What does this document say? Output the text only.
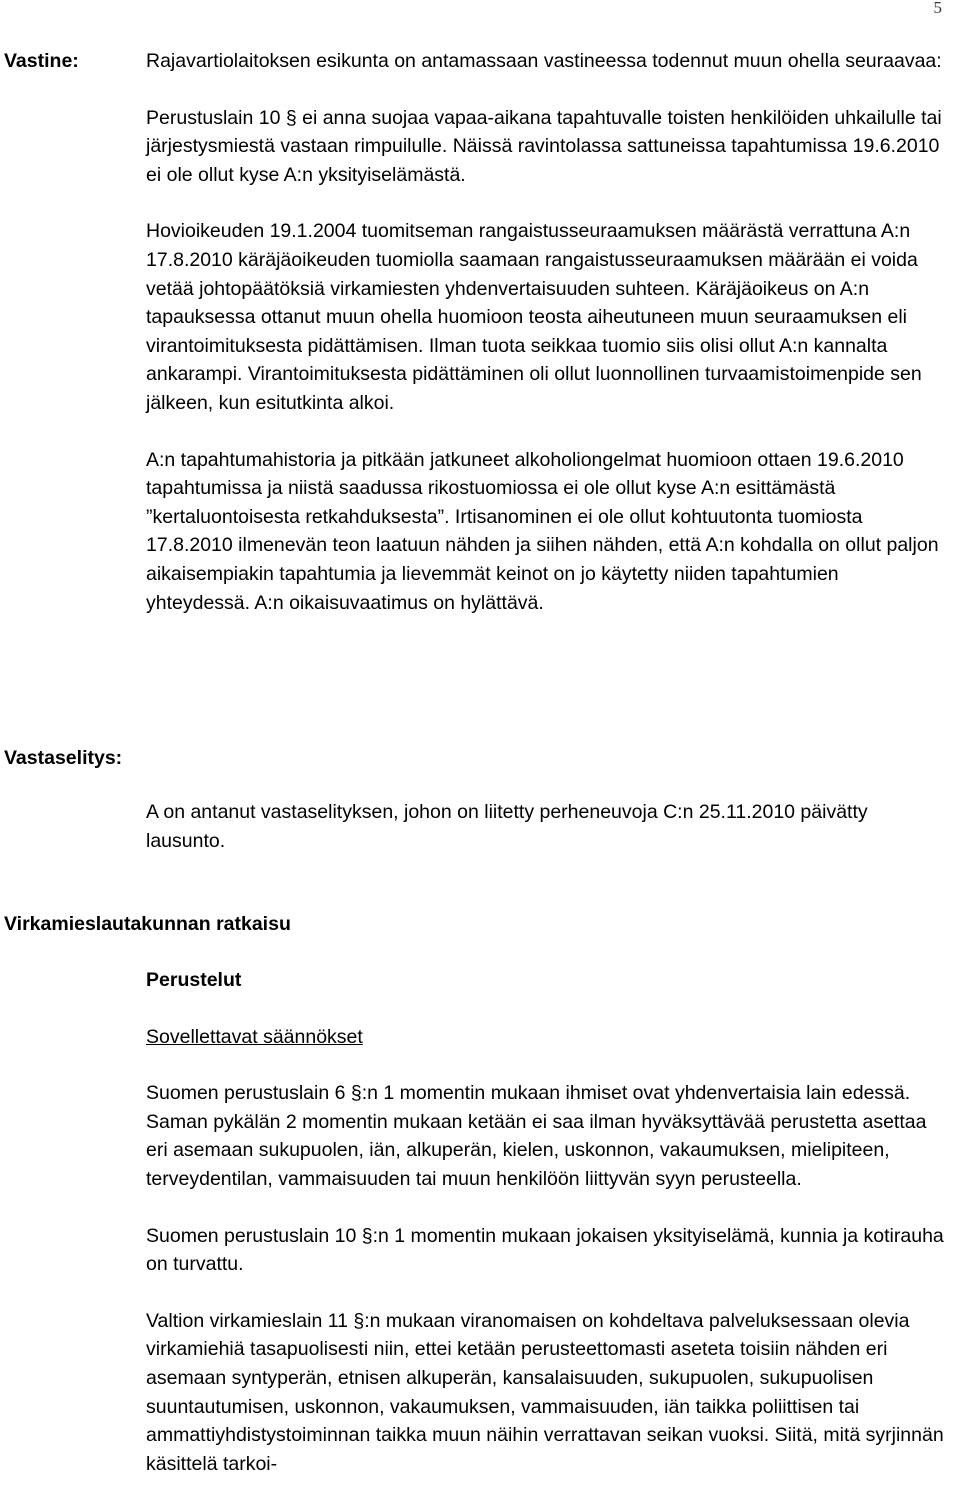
5
Vastine:	Rajavartiolaitoksen esikunta on antamassaan vastineessa todennut muun ohella seuraavaa:

Perustuslain 10 § ei anna suojaa vapaa-aikana tapahtuvalle toisten henkilöiden uhkailulle tai järjestysmiestä vastaan rimpuilulle. Näissä ravintolassa sattuneissa tapahtumissa 19.6.2010 ei ole ollut kyse A:n yksityiselämästä.

Hovioikeuden 19.1.2004 tuomitseman rangaistusseuraamuksen määrästä verrattuna A:n 17.8.2010 käräjäoikeuden tuomiolla saamaan rangaistusseuraamuksen määrään ei voida vetää johtopäätöksiä virkamiesten yhdenvertaisuuden suhteen. Käräjäoikeus on A:n tapauksessa ottanut muun ohella huomioon teosta aiheutuneen muun seuraamuksen eli virantoimituksesta pidättämisen. Ilman tuota seikkaa tuomio siis olisi ollut A:n kannalta ankarampi. Virantoimituksesta pidättäminen oli ollut luonnollinen turvaamistoimenpide sen jälkeen, kun esitutkinta alkoi.

A:n tapahtumahistoria ja pitkään jatkuneet alkoholiongelmat huomioon ottaen 19.6.2010 tapahtumissa ja niistä saadussa rikostuomiossa ei ole ollut kyse A:n esittämästä ”kertaluontoisesta retkahduksesta”. Irtisanominen ei ole ollut kohtuutonta tuomiosta 17.8.2010 ilmenevän teon laatuun nähden ja siihen nähden, että A:n kohdalla on ollut paljon aikaisempiakin tapahtumia ja lievemmät keinot on jo käytetty niiden tapahtumien yhteydessä. A:n oikaisuvaatimus on hylättävä.

Vastaselitys:

A on antanut vastaselityksen, johon on liitetty perheneuvoja C:n 25.11.2010 päivätty lausunto.

Virkamieslautakunnan ratkaisu

Perustelut

Sovellettavat säännökset

Suomen perustuslain 6 §:n 1 momentin mukaan ihmiset ovat yhdenvertaisia lain edessä. Saman pykälän 2 momentin mukaan ketään ei saa ilman hyväksyttävää perustetta asettaa eri asemaan sukupuolen, iän, alkuperän, kielen, uskonnon, vakaumuksen, mielipiteen, terveydentilan, vammaisuuden tai muun henkilöön liittyvän syyn perusteella.

Suomen perustuslain 10 §:n 1 momentin mukaan jokaisen yksityiselämä, kunnia ja kotirauha on turvattu.

Valtion virkamieslain 11 §:n mukaan viranomaisen on kohdeltava palveluksessaan olevia virkamiehiä tasapuolisesti niin, ettei ketään perusteettomasti aseteta toisiin nähden eri asemaan syntyperän, etnisen alkuperän, kansalaisuuden, sukupuolen, sukupuolisen suuntautumisen, uskonnon, vakaumuksen, vammaisuuden, iän taikka poliittisen tai ammattiyhdistystoiminnan taikka muun näihin verrattavan seikan vuoksi. Siitä, mitä syrjinnän käsittelä tarkoi-
